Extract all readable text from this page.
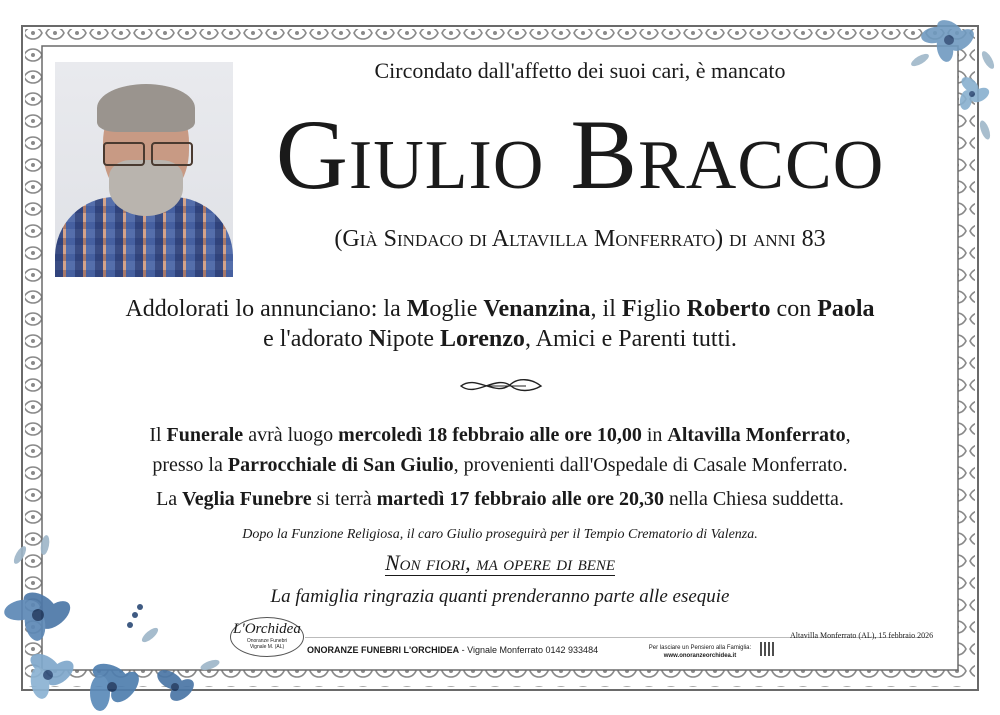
Circondato dall'affetto dei suoi cari, è mancato
Giulio Bracco
(Già Sindaco di Altavilla Monferrato) di anni 83
Addolorati lo annunciano: la Moglie Venanzina, il Figlio Roberto con Paola
e l'adorato Nipote Lorenzo, Amici e Parenti tutti.
Il Funerale avrà luogo mercoledì 18 febbraio alle ore 10,00 in Altavilla Monferrato,
presso la Parrocchiale di San Giulio, provenienti dall'Ospedale di Casale Monferrato.
La Veglia Funebre si terrà martedì 17 febbraio alle ore 20,30 nella Chiesa suddetta.
Dopo la Funzione Religiosa, il caro Giulio proseguirà per il Tempio Crematorio di Valenza.
Non fiori, ma opere di bene
La famiglia ringrazia quanti prenderanno parte alle esequie
L'Orchidea
Onoranze Funebri
Vignale M. (AL)	ONORANZE FUNEBRI L'ORCHIDEA - Vignale Monferrato 0142 933484	Per lasciare un Pensiero alla Famiglia:
www.onoranzeorchidea.it
Altavilla Monferrato (AL), 15 febbraio 2026
